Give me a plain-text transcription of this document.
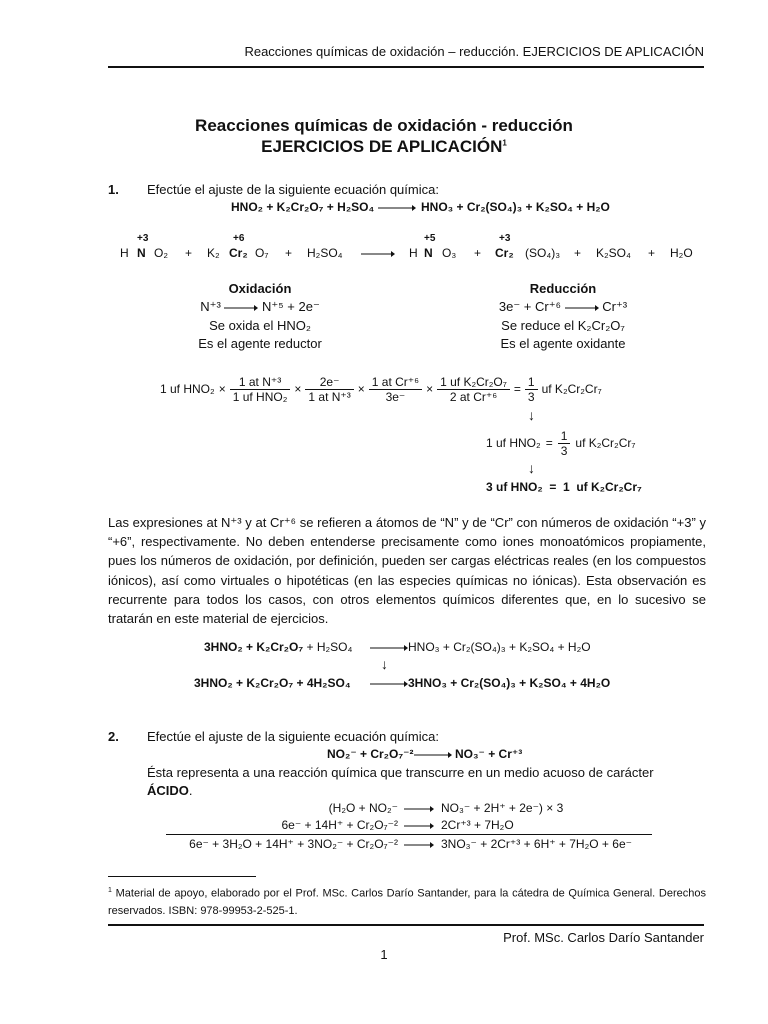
Reacciones químicas de oxidación – reducción. EJERCICIOS DE APLICACIÓN
Reacciones químicas de oxidación - reducción
EJERCICIOS DE APLICACIÓN$^1$
1. Efectúe el ajuste de la siguiente ecuación química:
HNO₂ + K₂Cr₂O₇ + H₂SO₄ → HNO₃ + Cr₂(SO₄)₃ + K₂SO₄ + H₂O
+3	+6	+5	+3
H N O₂ + K₂ Cr₂ O₇ + H₂SO₄ → H N O₃ + Cr₂ (SO₄)₃ + K₂SO₄ + H₂O
Oxidación
N⁺³ → N⁺⁵ + 2e⁻
Se oxida el HNO₂
Es el agente reductor
Reducción
3e⁻ + Cr⁺⁶ → Cr⁺³
Se reduce el K₂Cr₂O₇
Es el agente oxidante
1 uf $HNO_2 \times \frac{\text{1 at N⁺³}}{\text{1 uf HNO₂}} \times \frac{2e^-}{\text{1 at N⁺³}} \times \frac{\text{1 at Cr⁺⁶}}{3e^-} \times \frac{\text{1 uf K₂Cr₂O₇}}{\text{2 at Cr⁺⁶}} = \frac{1}{3}$ uf K₂Cr₂Cr₇
↓
1 uf $HNO_2 = \frac{1}{3}$ uf K₂Cr₂Cr₇
↓
3 uf HNO₂  =  1  uf K₂Cr₂Cr₇
Las expresiones at N⁺³ y at Cr⁺⁶ se refieren a átomos de “N” y de “Cr” con números de oxidación “+3” y “+6”, respectivamente. No deben entenderse precisamente como iones monoatómicos propiamente, pues los números de oxidación, por definición, pueden ser cargas eléctricas reales (en los compuestos iónicos), así como virtuales o hipotéticas (en las especies químicas no iónicas). Esta observación es recurrente para todos los casos, con otros elementos químicos diferentes que, en lo sucesivo se tratarán en este material de ejercicios.
3HNO₂ + K₂Cr₂O₇ + H₂SO₄ → HNO₃ + Cr₂(SO₄)₃ + K₂SO₄ + H₂O
↓
3HNO₂ + K₂Cr₂O₇ + 4H₂SO₄ → 3HNO₃ + Cr₂(SO₄)₃ + K₂SO₄ + 4H₂O
2. Efectúe el ajuste de la siguiente ecuación química:
NO₂⁻ + Cr₂O₇⁻² → NO₃⁻ + Cr⁺³
Ésta representa a una reacción química que transcurre en un medio acuoso de carácter
ÁCIDO.
(H₂O + NO₂⁻ → NO₃⁻ + 2H⁺ + 2e⁻) × 3
6e⁻ + 14H⁺ + Cr₂O₇⁻² → 2Cr⁺³ + 7H₂O
6e⁻ + 3H₂O + 14H⁺ + 3NO₂⁻ + Cr₂O₇⁻² → 3NO₃⁻ + 2Cr⁺³ + 6H⁺ + 7H₂O + 6e⁻
$^1$ Material de apoyo, elaborado por el Prof. MSc. Carlos Darío Santander, para la cátedra de Química General. Derechos reservados. ISBN: 978-99953-2-525-1.
Prof. MSc. Carlos Darío Santander
1
